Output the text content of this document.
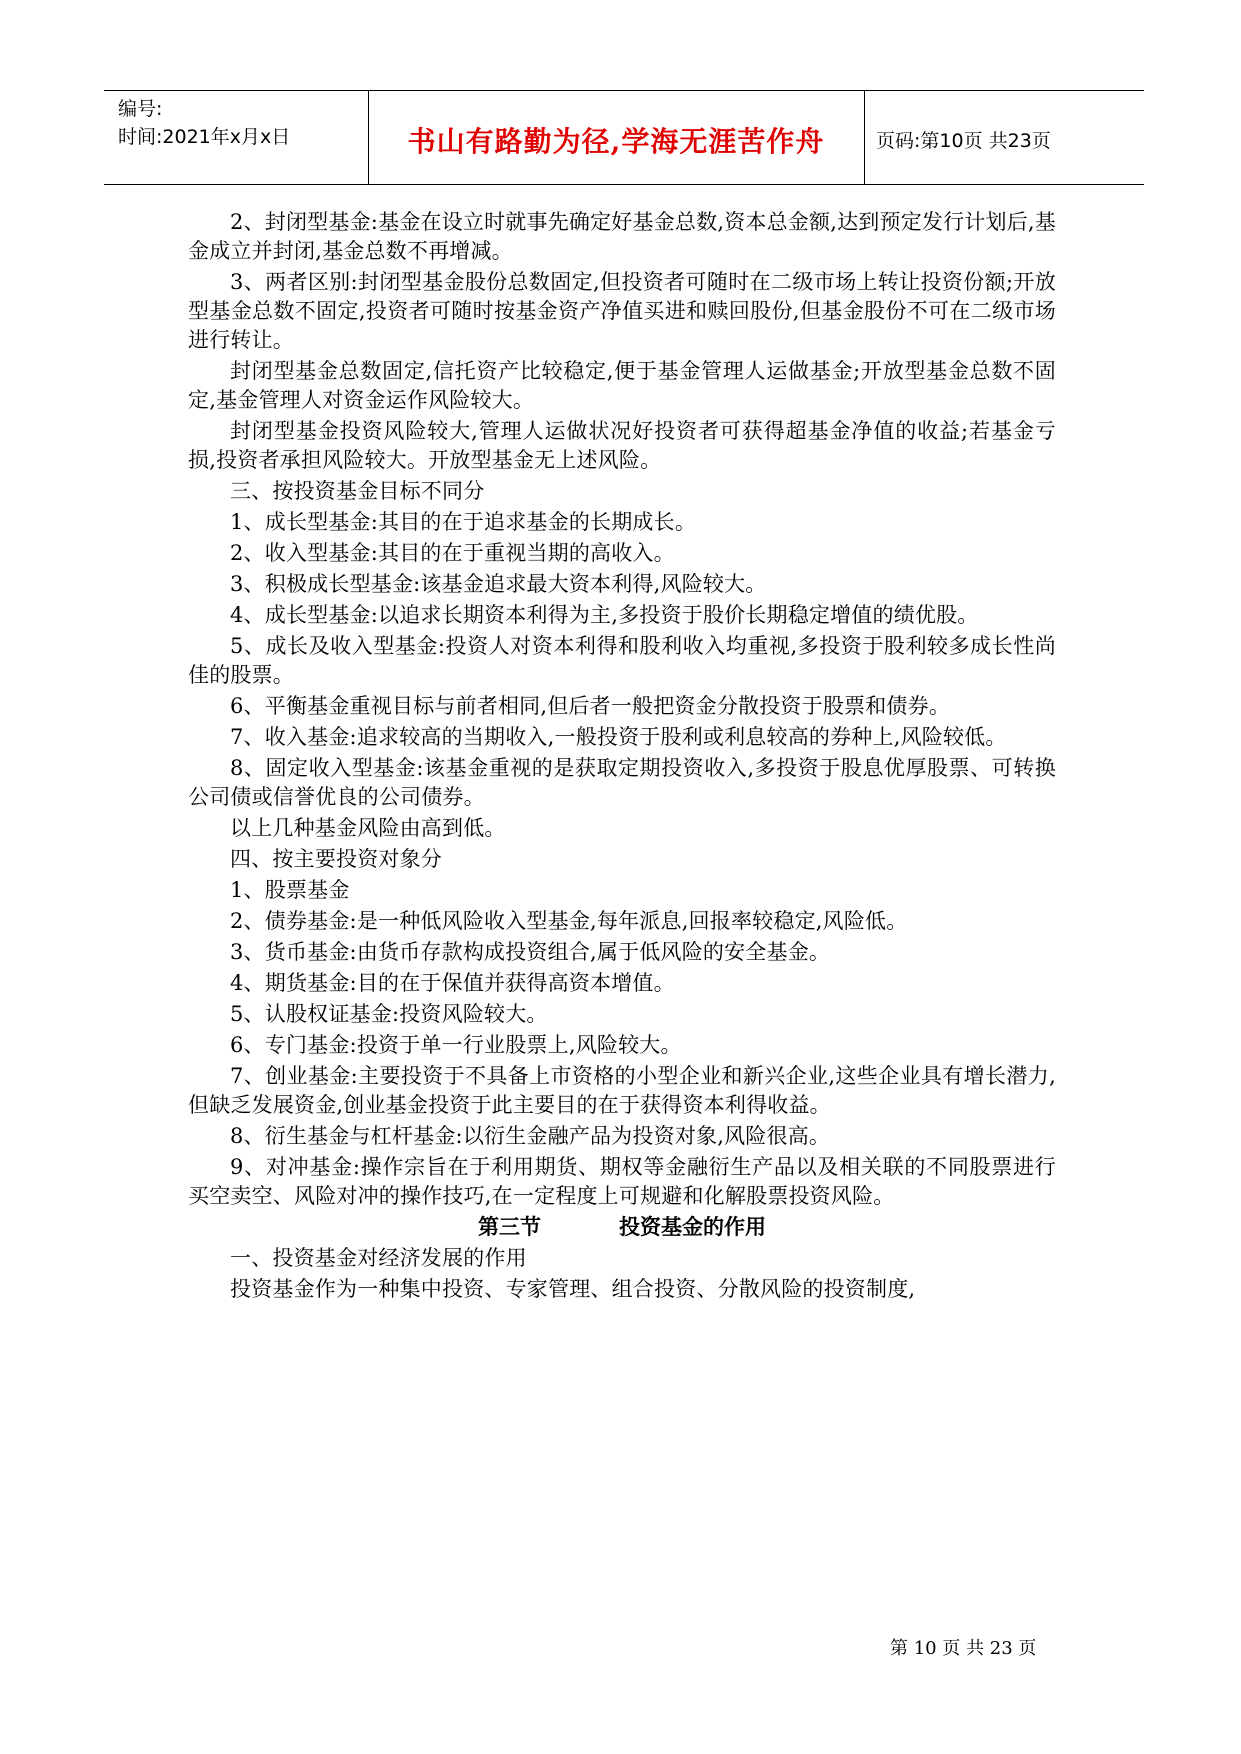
编号:
时间:2021年x月x日	书山有路勤为径,学海无涯苦作舟	页码:第10页 共23页

2、封闭型基金:基金在设立时就事先确定好基金总数,资本总金额,达到预定发行计划后,基金成立并封闭,基金总数不再增减。

3、两者区别:封闭型基金股份总数固定,但投资者可随时在二级市场上转让投资份额;开放型基金总数不固定,投资者可随时按基金资产净值买进和赎回股份,但基金股份不可在二级市场进行转让。

封闭型基金总数固定,信托资产比较稳定,便于基金管理人运做基金;开放型基金总数不固定,基金管理人对资金运作风险较大。

封闭型基金投资风险较大,管理人运做状况好投资者可获得超基金净值的收益;若基金亏损,投资者承担风险较大。开放型基金无上述风险。

三、按投资基金目标不同分

1、成长型基金:其目的在于追求基金的长期成长。

2、收入型基金:其目的在于重视当期的高收入。

3、积极成长型基金:该基金追求最大资本利得,风险较大。

4、成长型基金:以追求长期资本利得为主,多投资于股价长期稳定增值的绩优股。

5、成长及收入型基金:投资人对资本利得和股利收入均重视,多投资于股利较多成长性尚佳的股票。

6、平衡基金重视目标与前者相同,但后者一般把资金分散投资于股票和债券。

7、收入基金:追求较高的当期收入,一般投资于股利或利息较高的券种上,风险较低。

8、固定收入型基金:该基金重视的是获取定期投资收入,多投资于股息优厚股票、可转换公司债或信誉优良的公司债券。

以上几种基金风险由高到低。

四、按主要投资对象分

1、股票基金

2、债券基金:是一种低风险收入型基金,每年派息,回报率较稳定,风险低。

3、货币基金:由货币存款构成投资组合,属于低风险的安全基金。

4、期货基金:目的在于保值并获得高资本增值。

5、认股权证基金:投资风险较大。

6、专门基金:投资于单一行业股票上,风险较大。

7、创业基金:主要投资于不具备上市资格的小型企业和新兴企业,这些企业具有增长潜力,但缺乏发展资金,创业基金投资于此主要目的在于获得资本利得收益。

8、衍生基金与杠杆基金:以衍生金融产品为投资对象,风险很高。

9、对冲基金:操作宗旨在于利用期货、期权等金融衍生产品以及相关联的不同股票进行买空卖空、风险对冲的操作技巧,在一定程度上可规避和化解股票投资风险。

第三节	投资基金的作用

一、投资基金对经济发展的作用

投资基金作为一种集中投资、专家管理、组合投资、分散风险的投资制度,

第 10 页 共 23 页
